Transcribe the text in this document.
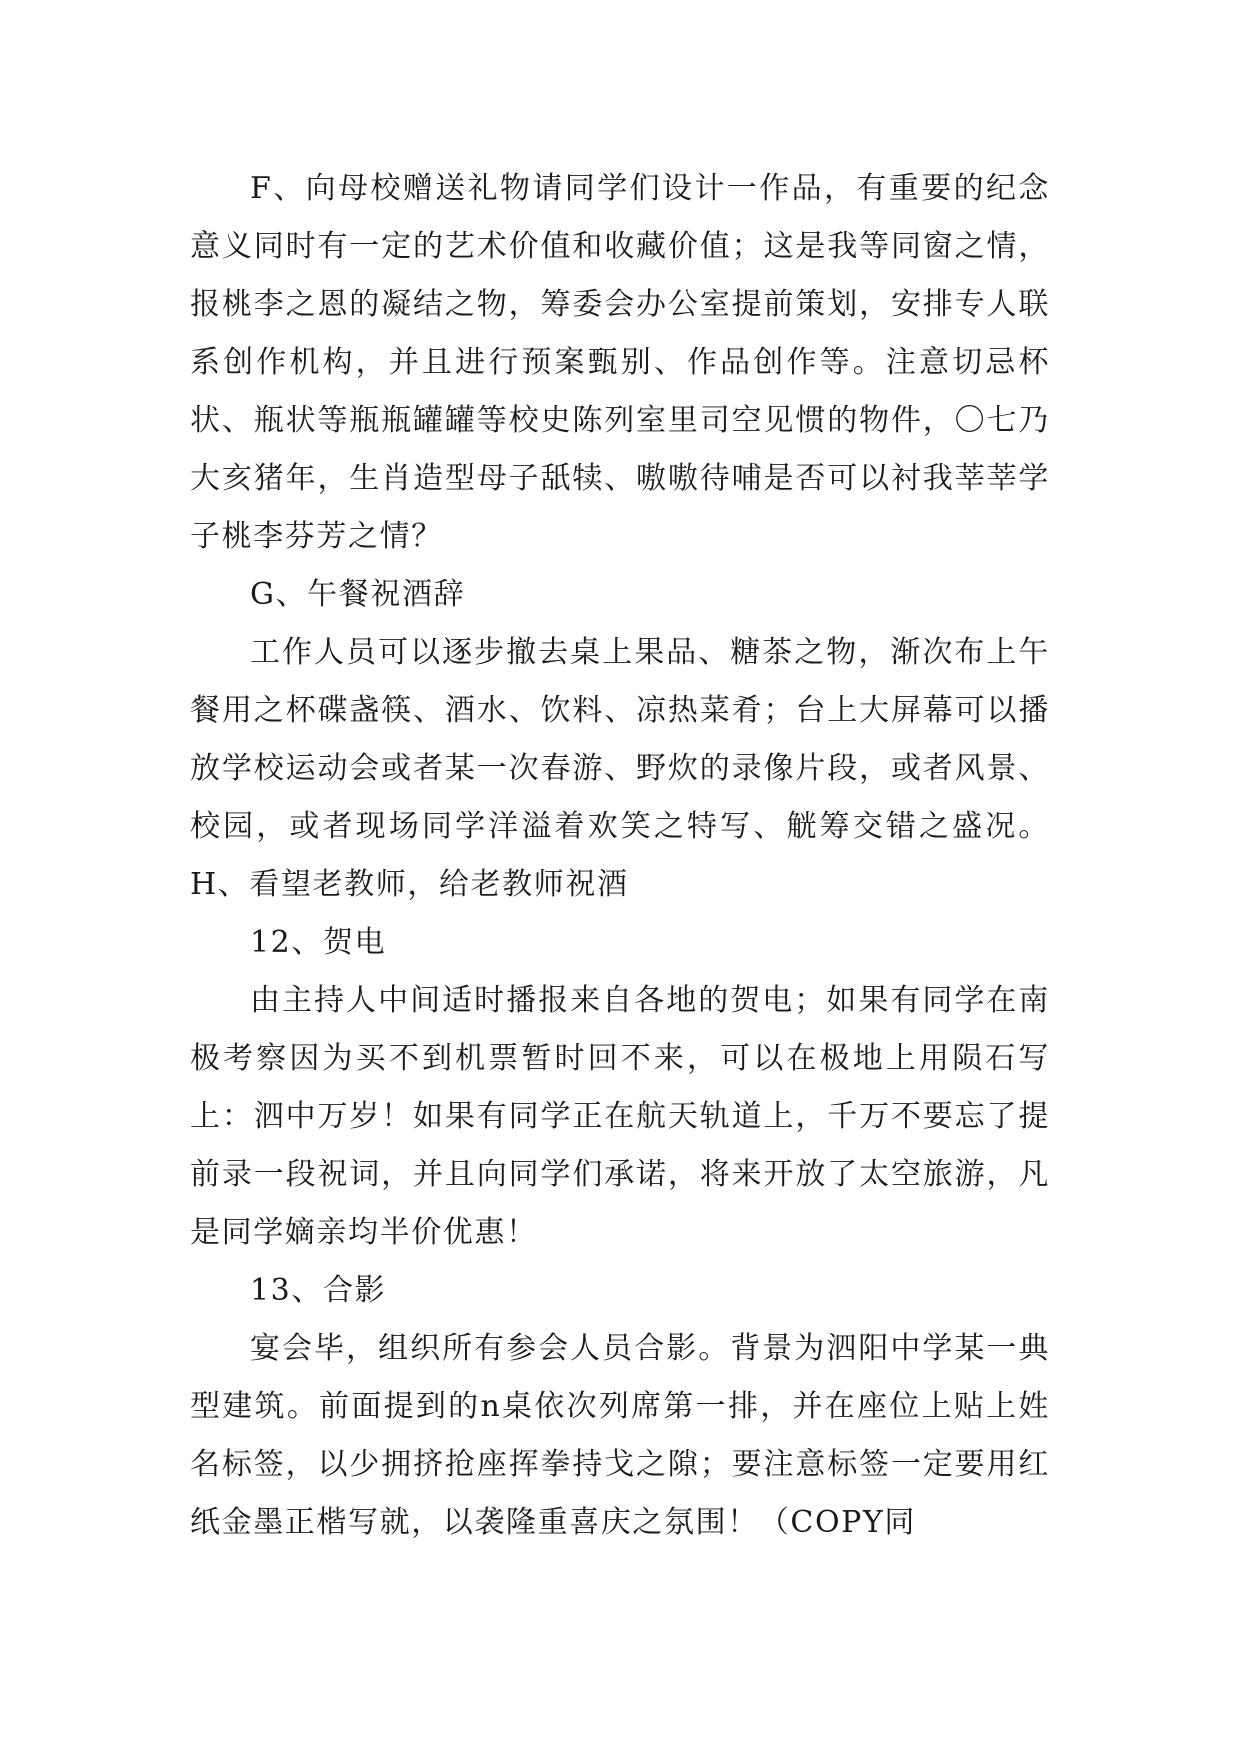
F、向母校赠送礼物请同学们设计一作品，有重要的纪念意义同时有一定的艺术价值和收藏价值；这是我等同窗之情，报桃李之恩的凝结之物，筹委会办公室提前策划，安排专人联系创作机构，并且进行预案甄别、作品创作等。注意切忌杯状、瓶状等瓶瓶罐罐等校史陈列室里司空见惯的物件，〇七乃大亥猪年，生肖造型母子舐犊、嗷嗷待哺是否可以衬我莘莘学子桃李芬芳之情？

G、午餐祝酒辞

工作人员可以逐步撤去桌上果品、糖茶之物，渐次布上午餐用之杯碟盏筷、酒水、饮料、凉热菜肴；台上大屏幕可以播放学校运动会或者某一次春游、野炊的录像片段，或者风景、校园，或者现场同学洋溢着欢笑之特写、觥筹交错之盛况。 H、看望老教师，给老教师祝酒

12、贺电

由主持人中间适时播报来自各地的贺电；如果有同学在南极考察因为买不到机票暂时回不来，可以在极地上用陨石写上：泗中万岁！如果有同学正在航天轨道上，千万不要忘了提前录一段祝词，并且向同学们承诺，将来开放了太空旅游，凡是同学嫡亲均半价优惠！

13、合影

宴会毕，组织所有参会人员合影。背景为泗阳中学某一典型建筑。前面提到的n桌依次列席第一排，并在座位上贴上姓名标签，以少拥挤抢座挥拳持戈之隙；要注意标签一定要用红纸金墨正楷写就，以袭隆重喜庆之氛围！（COPY同
